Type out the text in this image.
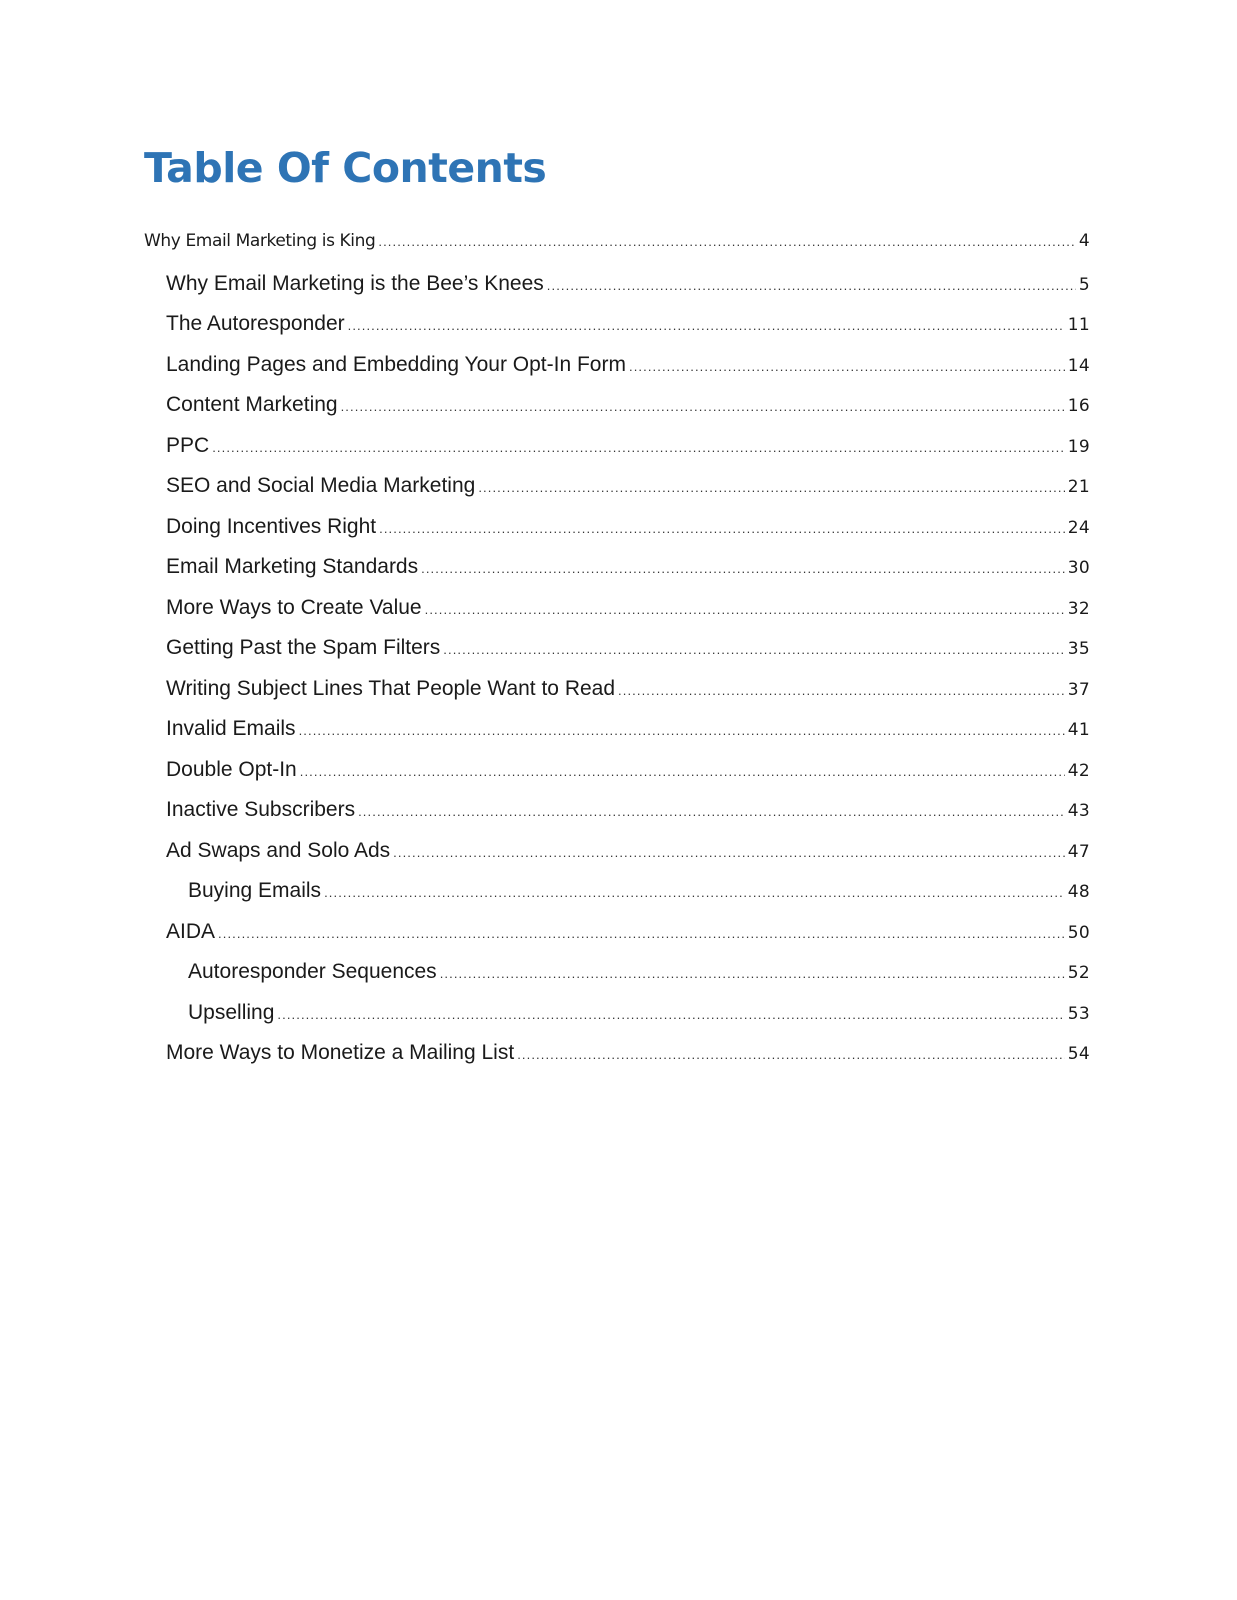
Table Of Contents
Why Email Marketing is King .....	4
Why Email Marketing is the Bee’s Knees .....	5
The Autoresponder .....	11
Landing Pages and Embedding Your Opt-In Form .....	14
Content Marketing .....	16
PPC .....	19
SEO and Social Media Marketing .....	21
Doing Incentives Right .....	24
Email Marketing Standards .....	30
More Ways to Create Value .....	32
Getting Past the Spam Filters .....	35
Writing Subject Lines That People Want to Read .....	37
Invalid Emails .....	41
Double Opt-In .....	42
Inactive Subscribers .....	43
Ad Swaps and Solo Ads .....	47
Buying Emails .....	48
AIDA .....	50
Autoresponder Sequences .....	52
Upselling .....	53
More Ways to Monetize a Mailing List .....	54
